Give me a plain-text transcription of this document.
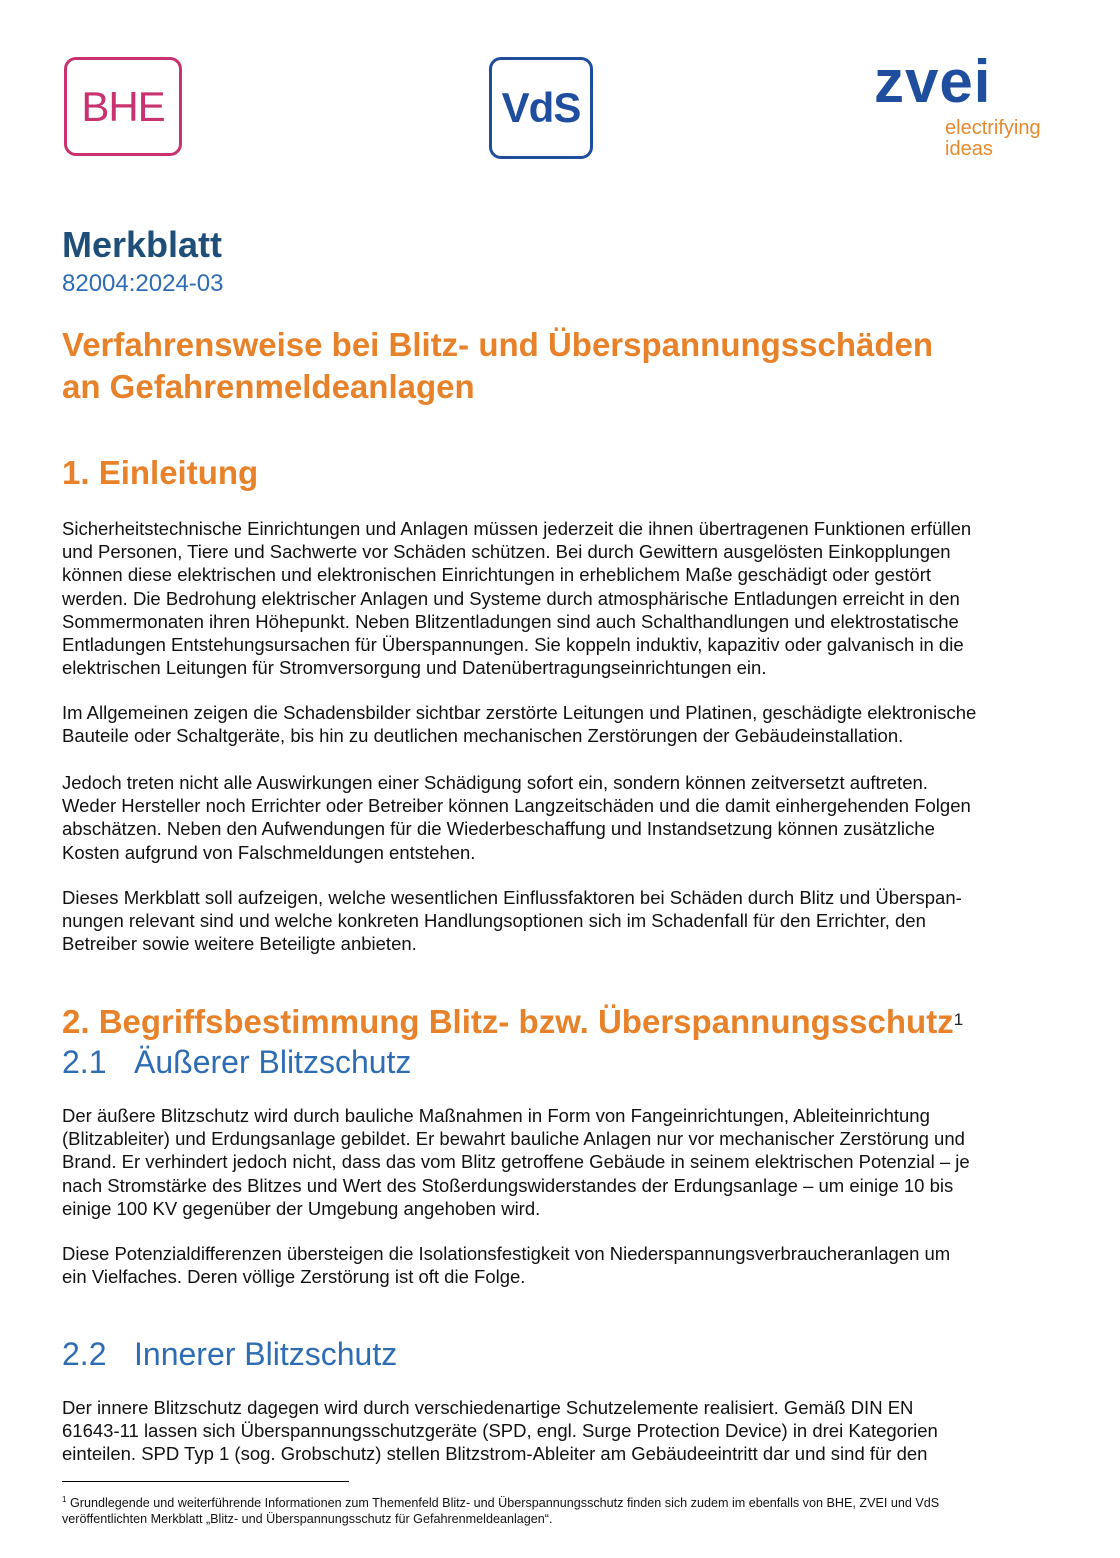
BHE	VdS	zvei
electrifying
ideas
Merkblatt
82004:2024-03
Verfahrensweise bei Blitz- und Überspannungsschäden
an Gefahrenmeldeanlagen
1. Einleitung
Sicherheitstechnische Einrichtungen und Anlagen müssen jederzeit die ihnen übertragenen Funktionen erfüllen
und Personen, Tiere und Sachwerte vor Schäden schützen. Bei durch Gewittern ausgelösten Einkopplungen
können diese elektrischen und elektronischen Einrichtungen in erheblichem Maße geschädigt oder gestört
werden. Die Bedrohung elektrischer Anlagen und Systeme durch atmosphärische Entladungen erreicht in den
Sommermonaten ihren Höhepunkt. Neben Blitzentladungen sind auch Schalthandlungen und elektrostatische
Entladungen Entstehungsursachen für Überspannungen. Sie koppeln induktiv, kapazitiv oder galvanisch in die
elektrischen Leitungen für Stromversorgung und Datenübertragungseinrichtungen ein.
Im Allgemeinen zeigen die Schadensbilder sichtbar zerstörte Leitungen und Platinen, geschädigte elektronische
Bauteile oder Schaltgeräte, bis hin zu deutlichen mechanischen Zerstörungen der Gebäudeinstallation.
Jedoch treten nicht alle Auswirkungen einer Schädigung sofort ein, sondern können zeitversetzt auftreten.
Weder Hersteller noch Errichter oder Betreiber können Langzeitschäden und die damit einhergehenden Folgen
abschätzen. Neben den Aufwendungen für die Wiederbeschaffung und Instandsetzung können zusätzliche
Kosten aufgrund von Falschmeldungen entstehen.
Dieses Merkblatt soll aufzeigen, welche wesentlichen Einflussfaktoren bei Schäden durch Blitz und Überspan-
nungen relevant sind und welche konkreten Handlungsoptionen sich im Schadenfall für den Errichter, den
Betreiber sowie weitere Beteiligte anbieten.
2. Begriffsbestimmung Blitz- bzw. Überspannungsschutz$^1$
2.1 Äußerer Blitzschutz
Der äußere Blitzschutz wird durch bauliche Maßnahmen in Form von Fangeinrichtungen, Ableiteinrichtung
(Blitzableiter) und Erdungsanlage gebildet. Er bewahrt bauliche Anlagen nur vor mechanischer Zerstörung und
Brand. Er verhindert jedoch nicht, dass das vom Blitz getroffene Gebäude in seinem elektrischen Potenzial – je
nach Stromstärke des Blitzes und Wert des Stoßerdungswiderstandes der Erdungsanlage – um einige 10 bis
einige 100 KV gegenüber der Umgebung angehoben wird.
Diese Potenzialdifferenzen übersteigen die Isolationsfestigkeit von Niederspannungsverbraucheranlagen um
ein Vielfaches. Deren völlige Zerstörung ist oft die Folge.
2.2 Innerer Blitzschutz
Der innere Blitzschutz dagegen wird durch verschiedenartige Schutzelemente realisiert. Gemäß DIN EN
61643-11 lassen sich Überspannungsschutzgeräte (SPD, engl. Surge Protection Device) in drei Kategorien
einteilen. SPD Typ 1 (sog. Grobschutz) stellen Blitzstrom-Ableiter am Gebäudeeintritt dar und sind für den
$^1$ Grundlegende und weiterführende Informationen zum Themenfeld Blitz- und Überspannungsschutz finden sich zudem im ebenfalls von BHE, ZVEI und VdS
veröffentlichten Merkblatt „Blitz- und Überspannungsschutz für Gefahrenmeldeanlagen“.
